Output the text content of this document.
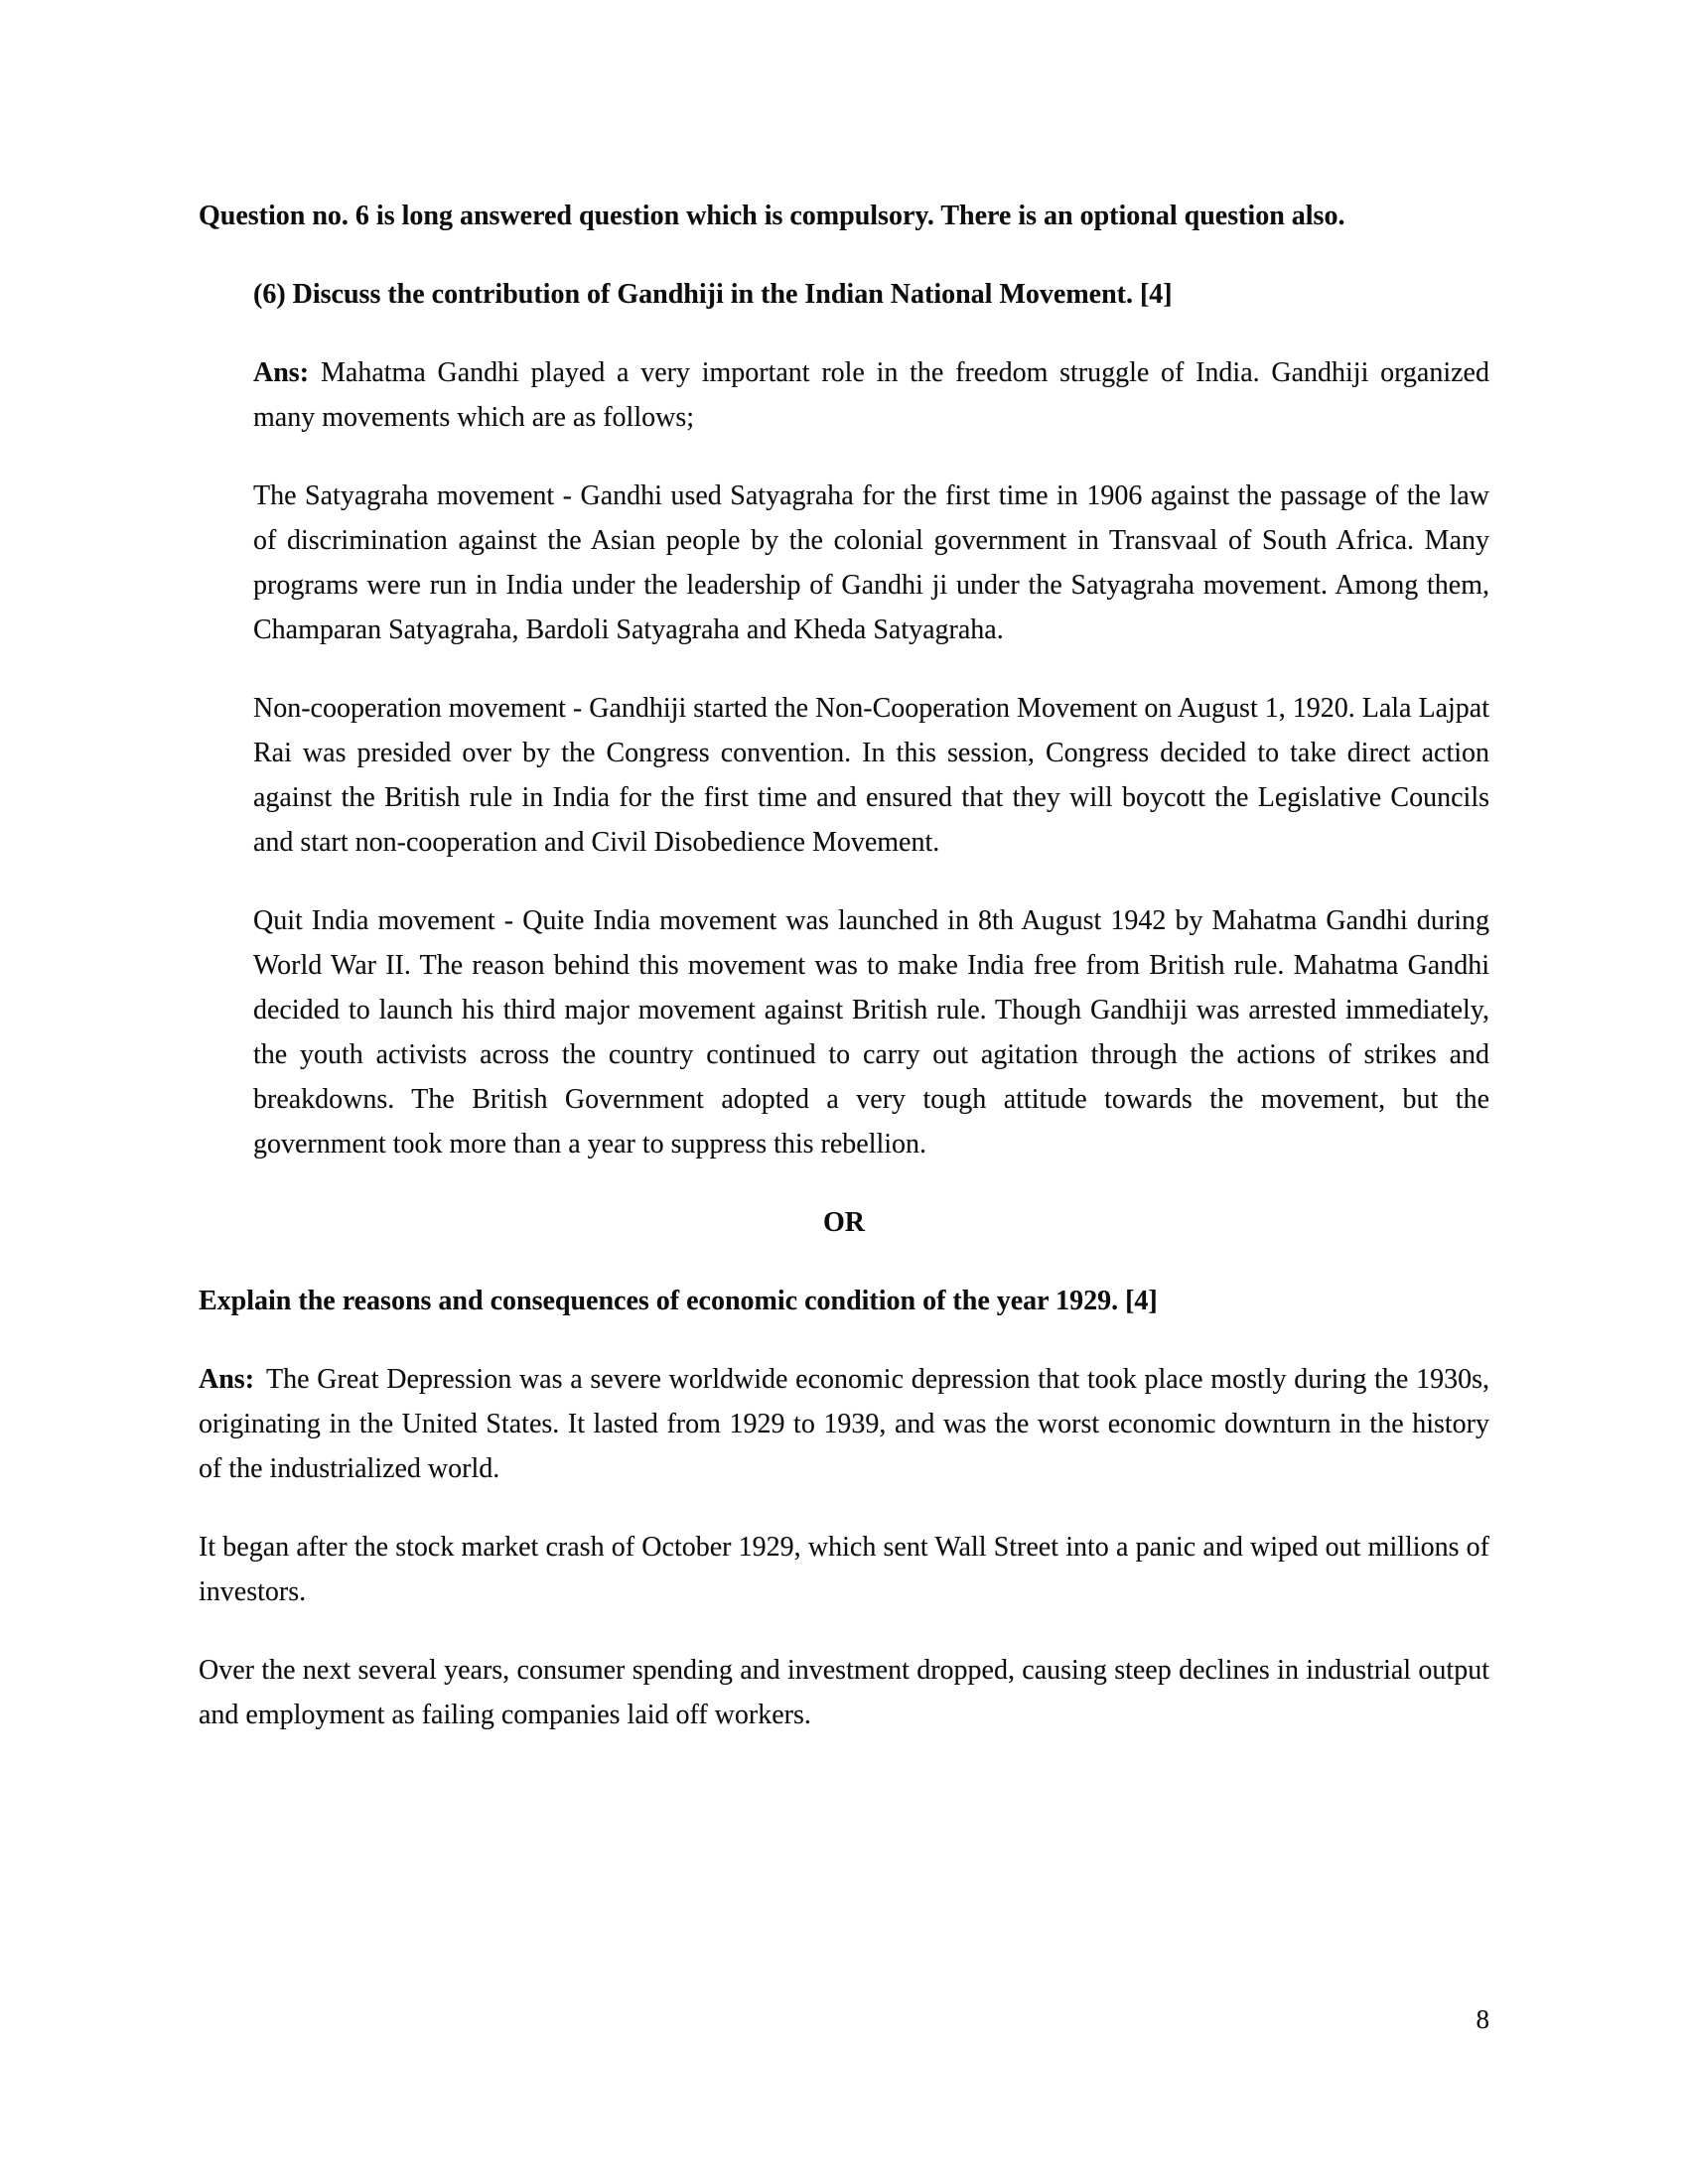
Question no. 6 is long answered question which is compulsory. There is an optional question also.

(6) Discuss the contribution of Gandhiji in the Indian National Movement. [4]

Ans: Mahatma Gandhi played a very important role in the freedom struggle of India. Gandhiji organized many movements which are as follows;

The Satyagraha movement - Gandhi used Satyagraha for the first time in 1906 against the passage of the law of discrimination against the Asian people by the colonial government in Transvaal of South Africa. Many programs were run in India under the leadership of Gandhi ji under the Satyagraha movement. Among them, Champaran Satyagraha, Bardoli Satyagraha and Kheda Satyagraha.

Non-cooperation movement - Gandhiji started the Non-Cooperation Movement on August 1, 1920. Lala Lajpat Rai was presided over by the Congress convention. In this session, Congress decided to take direct action against the British rule in India for the first time and ensured that they will boycott the Legislative Councils and start non-cooperation and Civil Disobedience Movement.

Quit India movement - Quite India movement was launched in 8th August 1942 by Mahatma Gandhi during World War II. The reason behind this movement was to make India free from British rule. Mahatma Gandhi decided to launch his third major movement against British rule. Though Gandhiji was arrested immediately, the youth activists across the country continued to carry out agitation through the actions of strikes and breakdowns. The British Government adopted a very tough attitude towards the movement, but the government took more than a year to suppress this rebellion.

OR

Explain the reasons and consequences of economic condition of the year 1929. [4]

Ans: The Great Depression was a severe worldwide economic depression that took place mostly during the 1930s, originating in the United States. It lasted from 1929 to 1939, and was the worst economic downturn in the history of the industrialized world.

It began after the stock market crash of October 1929, which sent Wall Street into a panic and wiped out millions of investors.

Over the next several years, consumer spending and investment dropped, causing steep declines in industrial output and employment as failing companies laid off workers.

8
